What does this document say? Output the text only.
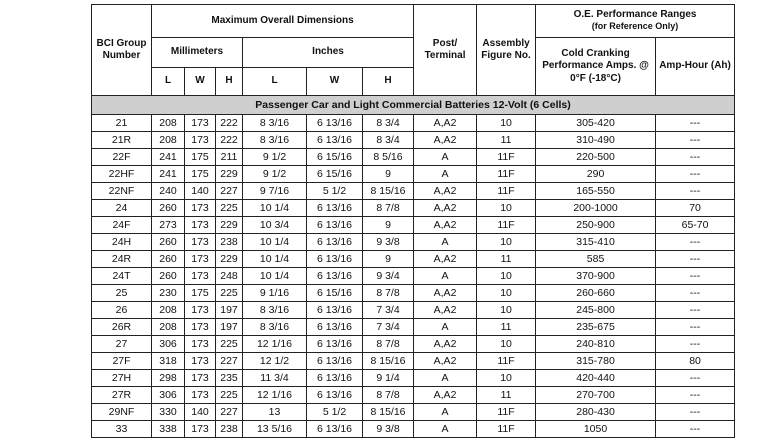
BCI Group Number	Maximum Overall Dimensions						Post/ Terminal	Assembly Figure No.	O.E. Performance Ranges
(for Reference Only)	
	Millimeters			Inches					Cold Cranking Performance Amps. @ 0°F (-18°C)	Amp-Hour (Ah)
	L	W	H	L	W	H				
Passenger Car and Light Commercial Batteries 12-Volt (6 Cells)										
21	208	173	222	8 3/16	6 13/16	8 3/4	A,A2	10	305-420	---
21R	208	173	222	8 3/16	6 13/16	8 3/4	A,A2	11	310-490	---
22F	241	175	211	9 1/2	6 15/16	8 5/16	A	11F	220-500	---
22HF	241	175	229	9 1/2	6 15/16	9	A	11F	290	---
22NF	240	140	227	9 7/16	5 1/2	8 15/16	A,A2	11F	165-550	---
24	260	173	225	10 1/4	6 13/16	8 7/8	A,A2	10	200-1000	70
24F	273	173	229	10 3/4	6 13/16	9	A,A2	11F	250-900	65-70
24H	260	173	238	10 1/4	6 13/16	9 3/8	A	10	315-410	---
24R	260	173	229	10 1/4	6 13/16	9	A,A2	11	585	---
24T	260	173	248	10 1/4	6 13/16	9 3/4	A	10	370-900	---
25	230	175	225	9 1/16	6 15/16	8 7/8	A,A2	10	260-660	---
26	208	173	197	8 3/16	6 13/16	7 3/4	A,A2	10	245-800	---
26R	208	173	197	8 3/16	6 13/16	7 3/4	A	11	235-675	---
27	306	173	225	12 1/16	6 13/16	8 7/8	A,A2	10	240-810	---
27F	318	173	227	12 1/2	6 13/16	8 15/16	A,A2	11F	315-780	80
27H	298	173	235	11 3/4	6 13/16	9 1/4	A	10	420-440	---
27R	306	173	225	12 1/16	6 13/16	8 7/8	A,A2	11	270-700	---
29NF	330	140	227	13	5 1/2	8 15/16	A	11F	280-430	---
33	338	173	238	13 5/16	6 13/16	9 3/8	A	11F	1050	---
